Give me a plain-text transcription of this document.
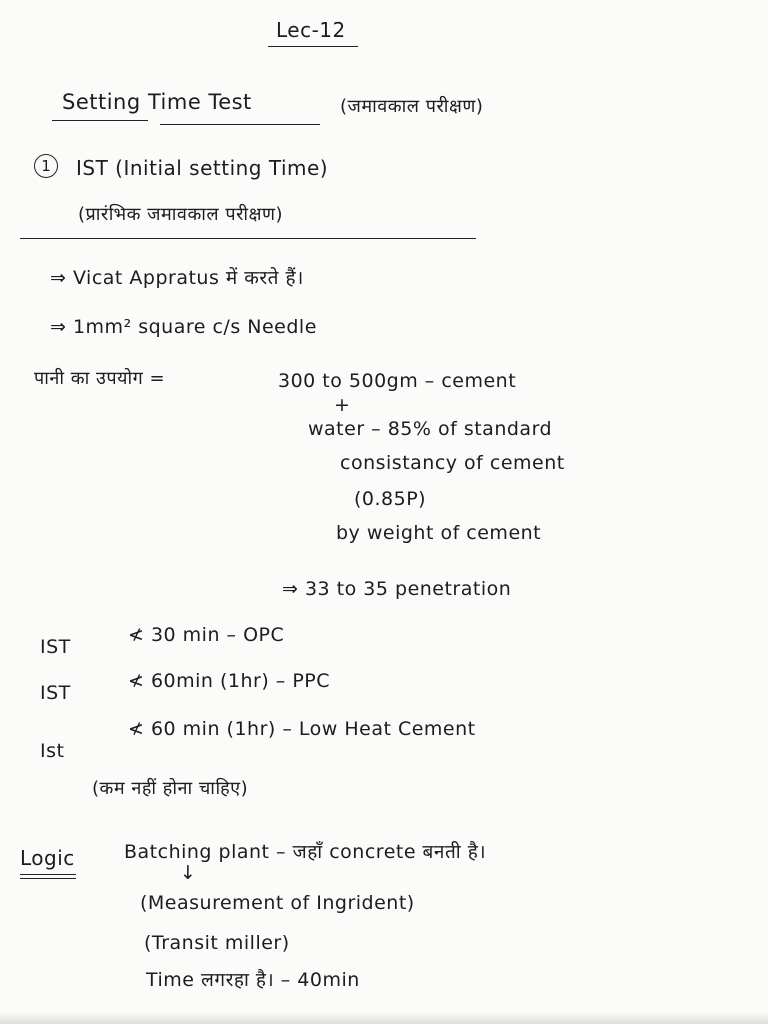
Lec-12
Setting Time Test	(जमावकाल परीक्षण)
1	IST (Initial setting Time)
(प्रारंभिक जमावकाल परीक्षण)
⇒ Vicat Appratus में करते हैं।
⇒ 1mm² square c/s Needle
पानी का उपयोग =	300 to 500gm – cement
+
water – 85% of standard
consistancy of cement
(0.85P)
by weight of cement
⇒ 33 to 35 penetration
IST
≮ 30 min – OPC
IST
≮ 60min (1hr) – PPC
Ist
≮ 60 min (1hr) – Low Heat Cement
(कम नहीं होना चाहिए)
Logic	Batching plant – जहाँ concrete बनती है।
↓
(Measurement of Ingrident)
(Transit miller)
Time लगरहा है। – 40min
